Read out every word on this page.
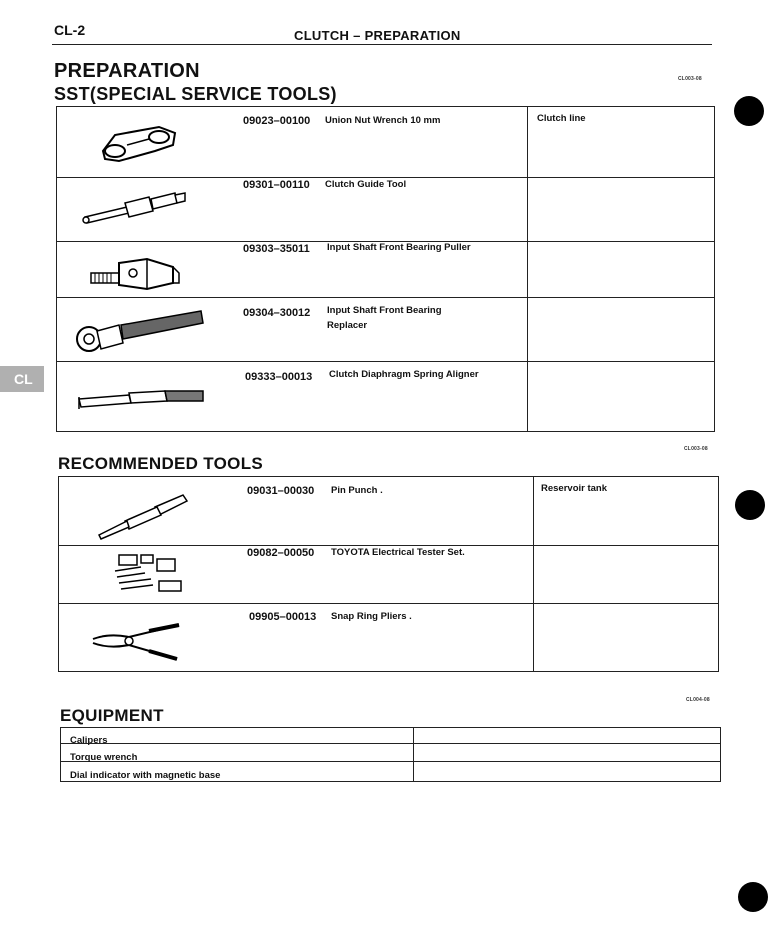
CL-2	CLUTCH – PREPARATION
PREPARATION
SST(SPECIAL SERVICE TOOLS)
CL003-08
CL
09023–00100 Union Nut Wrench 10 mm	Clutch line
09301–00110 Clutch Guide Tool
09303–35011 Input Shaft Front Bearing Puller
09304–30012 Input Shaft Front Bearing
Replacer
09333–00013 Clutch Diaphragm Spring Aligner
CL003-08
RECOMMENDED TOOLS
09031–00030 Pin Punch .	Reservoir tank
09082–00050 TOYOTA Electrical Tester Set.
09905–00013 Snap Ring Pliers .
CL004-08
EQUIPMENT
Calipers
Torque wrench
Dial indicator with magnetic base
